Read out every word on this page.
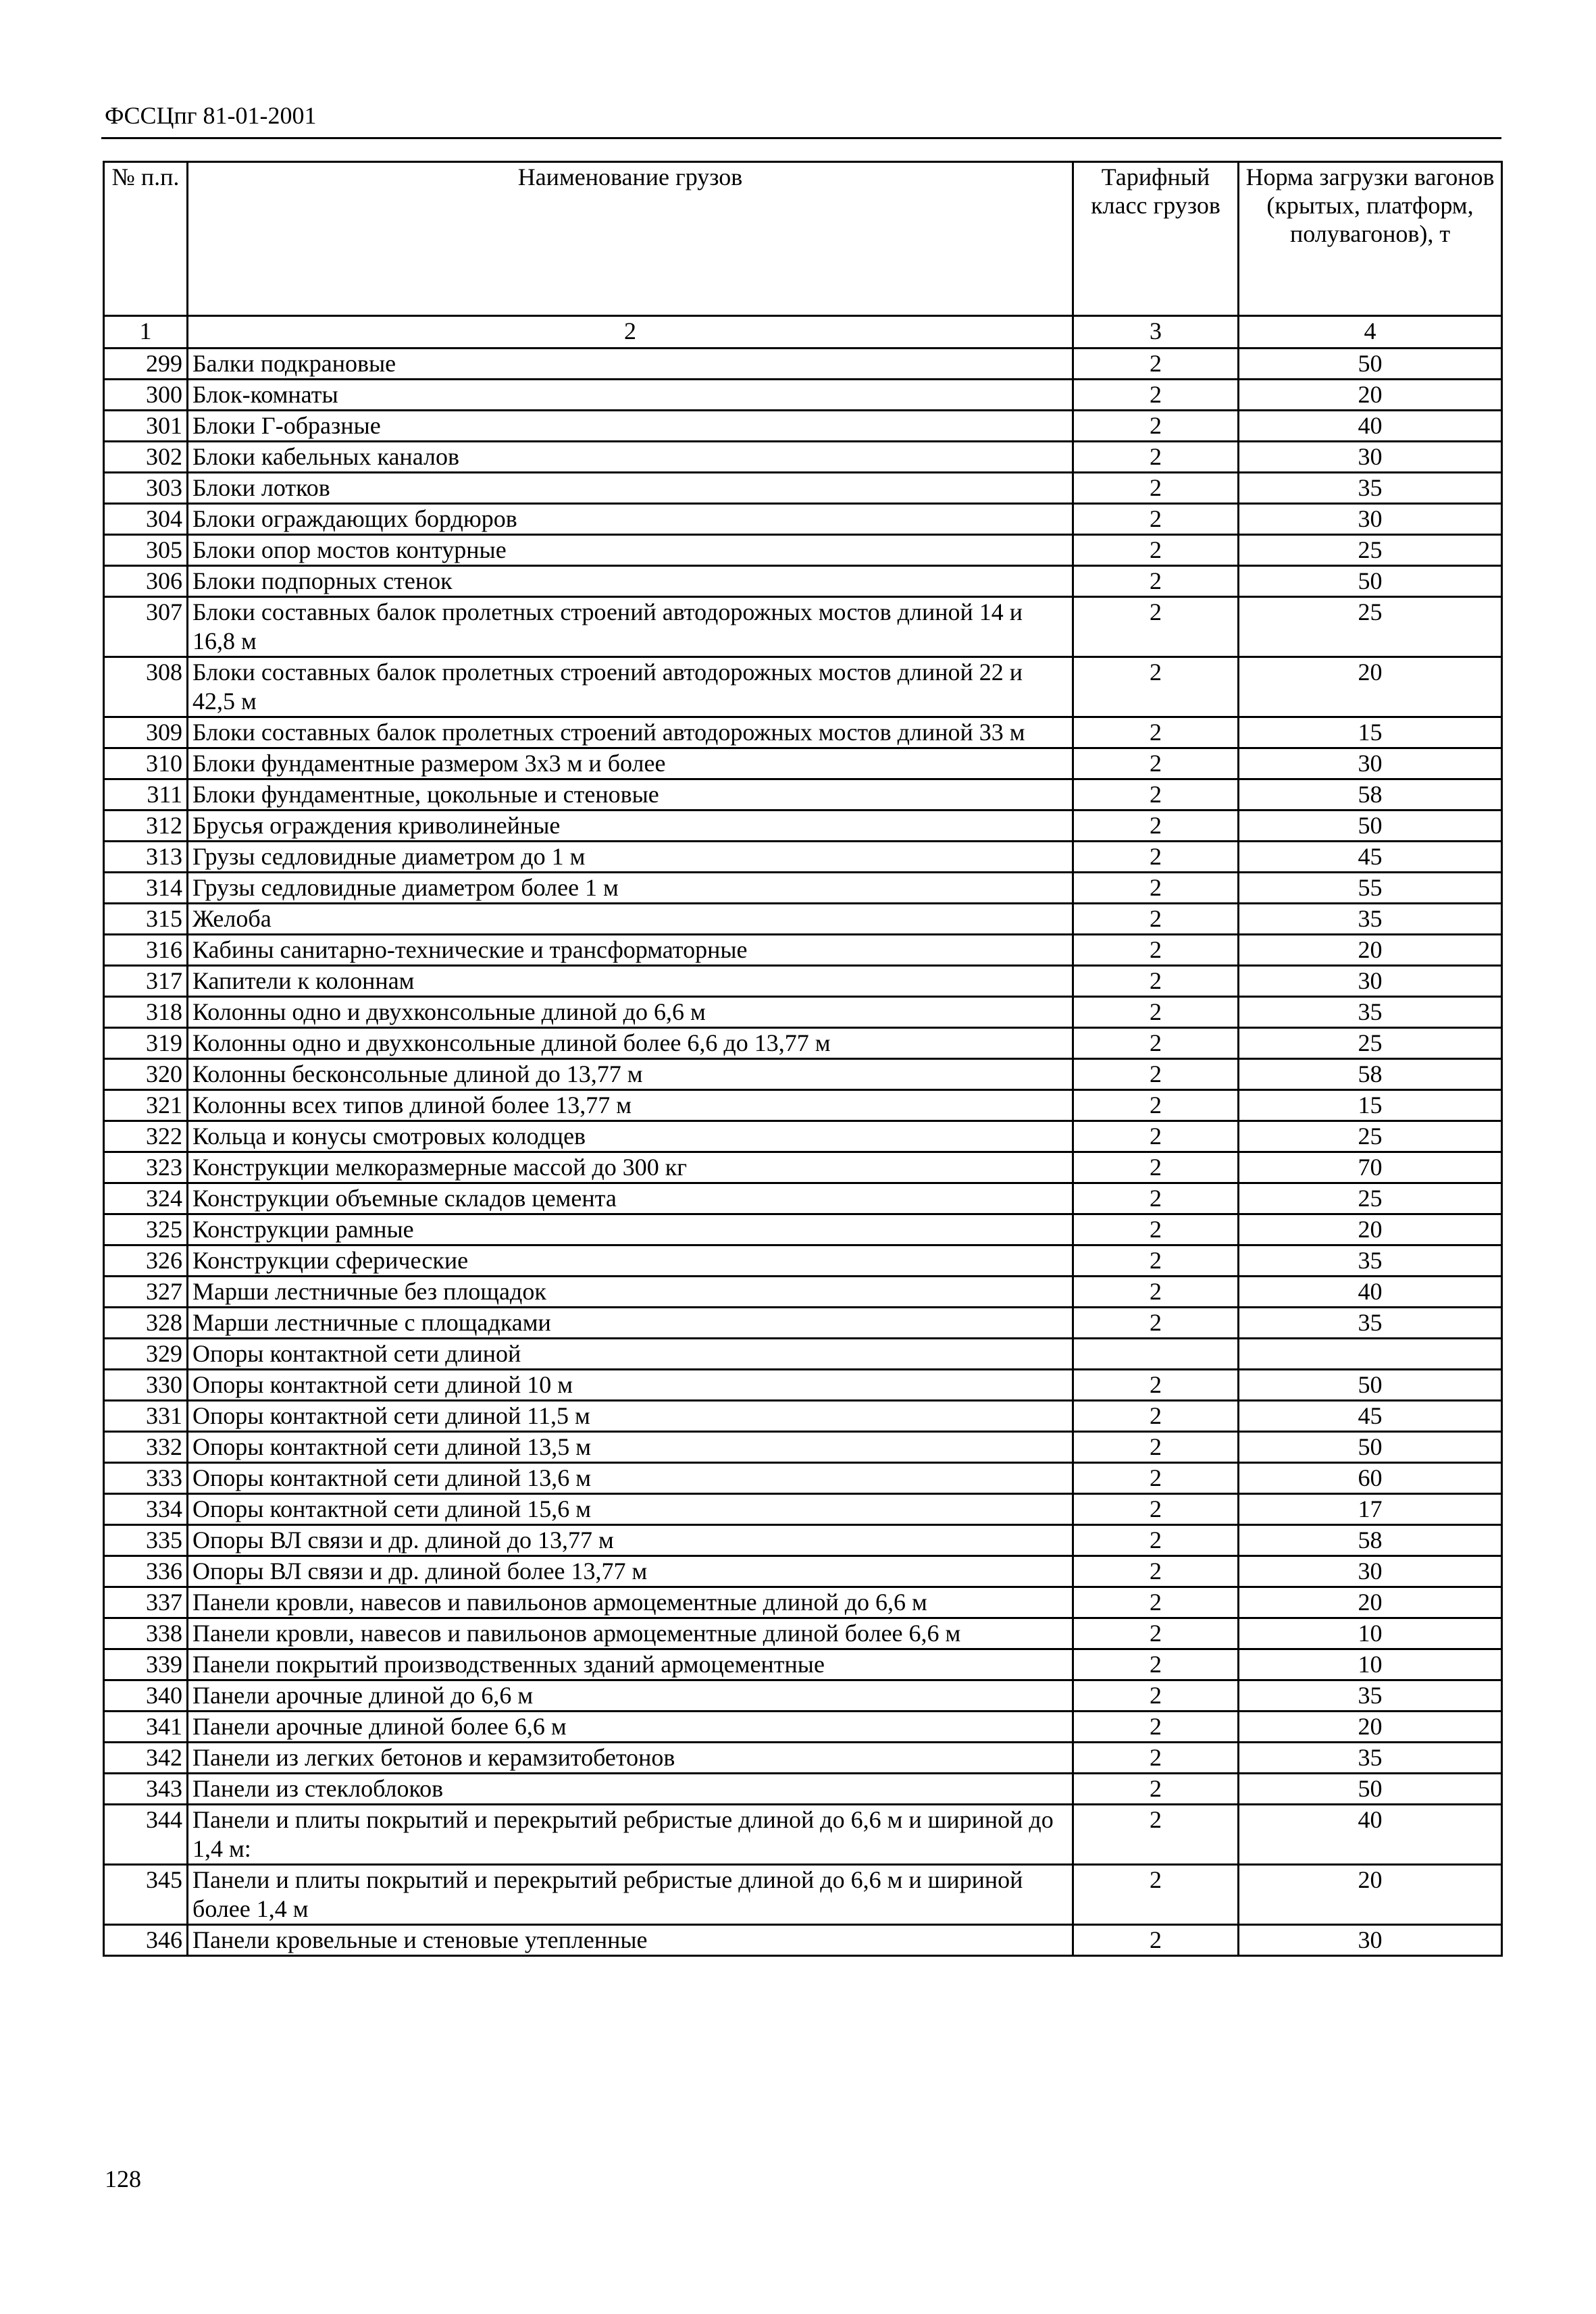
ФССЦпг 81-01-2001
№ п.п.	Наименование грузов	Тарифный класс грузов	Норма загрузки вагонов (крытых, платформ, полувагонов), т
1	2	3	4
299	Балки подкрановые	2	50
300	Блок-комнаты	2	20
301	Блоки Г-образные	2	40
302	Блоки кабельных каналов	2	30
303	Блоки лотков	2	35
304	Блоки ограждающих бордюров	2	30
305	Блоки опор мостов контурные	2	25
306	Блоки подпорных стенок	2	50
307	Блоки составных балок пролетных строений автодорожных мостов длиной 14 и 16,8 м	2	25
308	Блоки составных балок пролетных строений автодорожных мостов длиной 22 и 42,5 м	2	20
309	Блоки составных балок пролетных строений автодорожных мостов длиной 33 м	2	15
310	Блоки фундаментные размером 3х3 м и более	2	30
311	Блоки фундаментные, цокольные и стеновые	2	58
312	Брусья ограждения криволинейные	2	50
313	Грузы седловидные диаметром до 1 м	2	45
314	Грузы седловидные диаметром более 1 м	2	55
315	Желоба	2	35
316	Кабины санитарно-технические и трансформаторные	2	20
317	Капители к колоннам	2	30
318	Колонны одно и двухконсольные длиной до 6,6 м	2	35
319	Колонны одно и двухконсольные длиной более 6,6 до 13,77 м	2	25
320	Колонны бесконсольные длиной до 13,77 м	2	58
321	Колонны всех типов длиной более 13,77 м	2	15
322	Кольца и конусы смотровых колодцев	2	25
323	Конструкции мелкоразмерные массой до 300 кг	2	70
324	Конструкции объемные складов цемента	2	25
325	Конструкции рамные	2	20
326	Конструкции сферические	2	35
327	Марши лестничные без площадок	2	40
328	Марши лестничные с площадками	2	35
329	Опоры контактной сети длиной		
330	Опоры контактной сети длиной 10 м	2	50
331	Опоры контактной сети длиной 11,5 м	2	45
332	Опоры контактной сети длиной 13,5 м	2	50
333	Опоры контактной сети длиной 13,6 м	2	60
334	Опоры контактной сети длиной 15,6 м	2	17
335	Опоры ВЛ связи и др. длиной до 13,77 м	2	58
336	Опоры ВЛ связи и др. длиной более 13,77 м	2	30
337	Панели кровли, навесов и павильонов армоцементные длиной до 6,6 м	2	20
338	Панели кровли, навесов и павильонов армоцементные длиной более 6,6 м	2	10
339	Панели покрытий производственных зданий армоцементные	2	10
340	Панели арочные длиной до 6,6 м	2	35
341	Панели арочные длиной более 6,6 м	2	20
342	Панели из легких бетонов и керамзитобетонов	2	35
343	Панели из стеклоблоков	2	50
344	Панели и плиты покрытий и перекрытий ребристые длиной до 6,6 м и шириной до 1,4 м:	2	40
345	Панели и плиты покрытий и перекрытий ребристые длиной до 6,6 м и шириной более 1,4 м	2	20
346	Панели кровельные и стеновые утепленные	2	30
128
